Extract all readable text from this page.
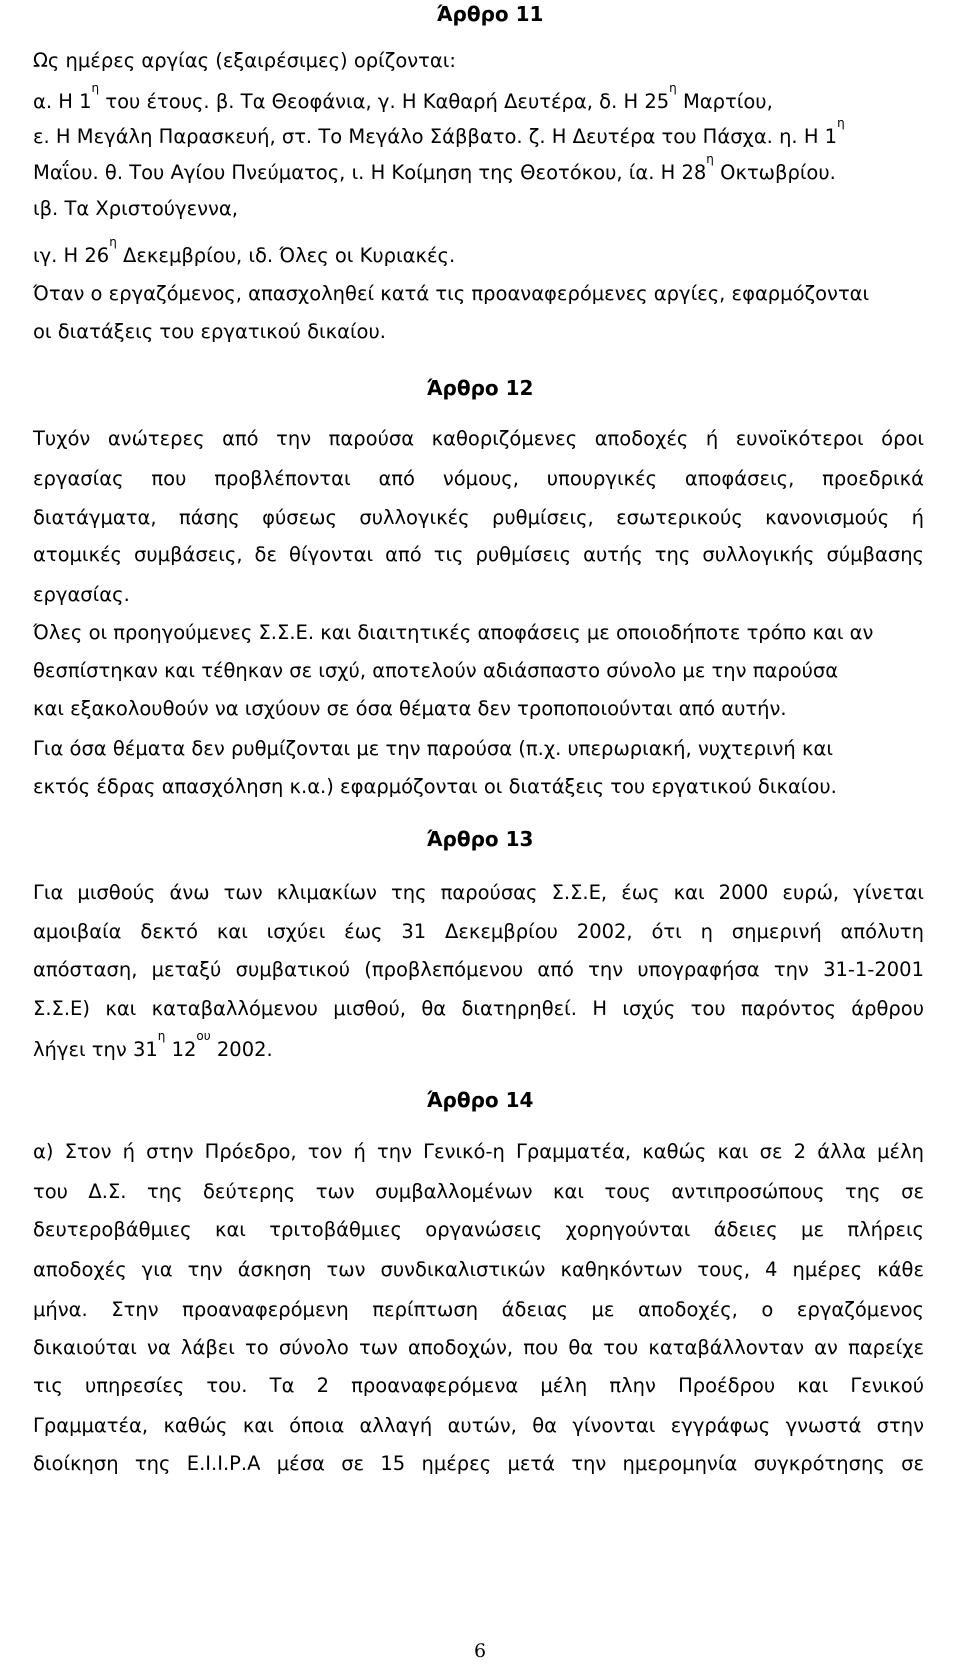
Άρθρο 11
Ως ημέρες αργίας (εξαιρέσιμες) ορίζονται:
α. Η $1^\eta$ του έτους. β. Τα Θεοφάνια, γ. Η Καθαρή Δευτέρα, δ. Η $25^\eta$ Μαρτίου,
ε. Η Μεγάλη Παρασκευή, στ. Το Μεγάλο Σάββατο. ζ. Η Δευτέρα του Πάσχα. η. Η $1^\eta$
Μαΐου. θ. Του Αγίου Πνεύματος, ι. Η Κοίμηση της Θεοτόκου, ία. Η $28^\eta$ Οκτωβρίου.
ιβ. Τα Χριστούγεννα,
ιγ. Η $26^\eta$ Δεκεμβρίου, ιδ. Όλες οι Κυριακές.
Όταν ο εργαζόμενος, απασχοληθεί κατά τις προαναφερόμενες αργίες, εφαρμόζονται
οι διατάξεις του εργατικού δικαίου.
Άρθρο 12
Τυχόν ανώτερες από την παρούσα καθοριζόμενες αποδοχές ή ευνοϊκότεροι όροι
εργασίας που προβλέπονται από νόμους, υπουργικές αποφάσεις, προεδρικά
διατάγματα, πάσης φύσεως συλλογικές ρυθμίσεις, εσωτερικούς κανονισμούς ή
ατομικές συμβάσεις, δε θίγονται από τις ρυθμίσεις αυτής της συλλογικής σύμβασης
εργασίας.
Όλες οι προηγούμενες Σ.Σ.Ε. και διαιτητικές αποφάσεις με οποιοδήποτε τρόπο και αν
θεσπίστηκαν και τέθηκαν σε ισχύ, αποτελούν αδιάσπαστο σύνολο με την παρούσα
και εξακολουθούν να ισχύουν σε όσα θέματα δεν τροποποιούνται από αυτήν.
Για όσα θέματα δεν ρυθμίζονται με την παρούσα (π.χ. υπερωριακή, νυχτερινή και
εκτός έδρας απασχόληση κ.α.) εφαρμόζονται οι διατάξεις του εργατικού δικαίου.
Άρθρο 13
Για μισθούς άνω των κλιμακίων της παρούσας Σ.Σ.Ε, έως και 2000 ευρώ, γίνεται
αμοιβαία δεκτό και ισχύει έως 31 Δεκεμβρίου 2002, ότι η σημερινή απόλυτη
απόσταση, μεταξύ συμβατικού (προβλεπόμενου από την υπογραφήσα την 31-1-2001
Σ.Σ.Ε) και καταβαλλόμενου μισθού, θα διατηρηθεί. Η ισχύς του παρόντος άρθρου
λήγει την $31^\eta$ $12^{o\upsilon}$ 2002.
Άρθρο 14
α) Στον ή στην Πρόεδρο, τον ή την Γενικό-η Γραμματέα, καθώς και σε 2 άλλα μέλη
του Δ.Σ. της δεύτερης των συμβαλλομένων και τους αντιπροσώπους της σε
δευτεροβάθμιες και τριτοβάθμιες οργανώσεις χορηγούνται άδειες με πλήρεις
αποδοχές για την άσκηση των συνδικαλιστικών καθηκόντων τους, 4 ημέρες κάθε
μήνα. Στην προαναφερόμενη περίπτωση άδειας με αποδοχές, ο εργαζόμενος
δικαιούται να λάβει το σύνολο των αποδοχών, που θα του καταβάλλονταν αν παρείχε
τις υπηρεσίες του. Τα 2 προαναφερόμενα μέλη πλην Προέδρου και Γενικού
Γραμματέα, καθώς και όποια αλλαγή αυτών, θα γίνονται εγγράφως γνωστά στην
διοίκηση της Ε.Ι.Ι.Ρ.Α μέσα σε 15 ημέρες μετά την ημερομηνία συγκρότησης σε
6
